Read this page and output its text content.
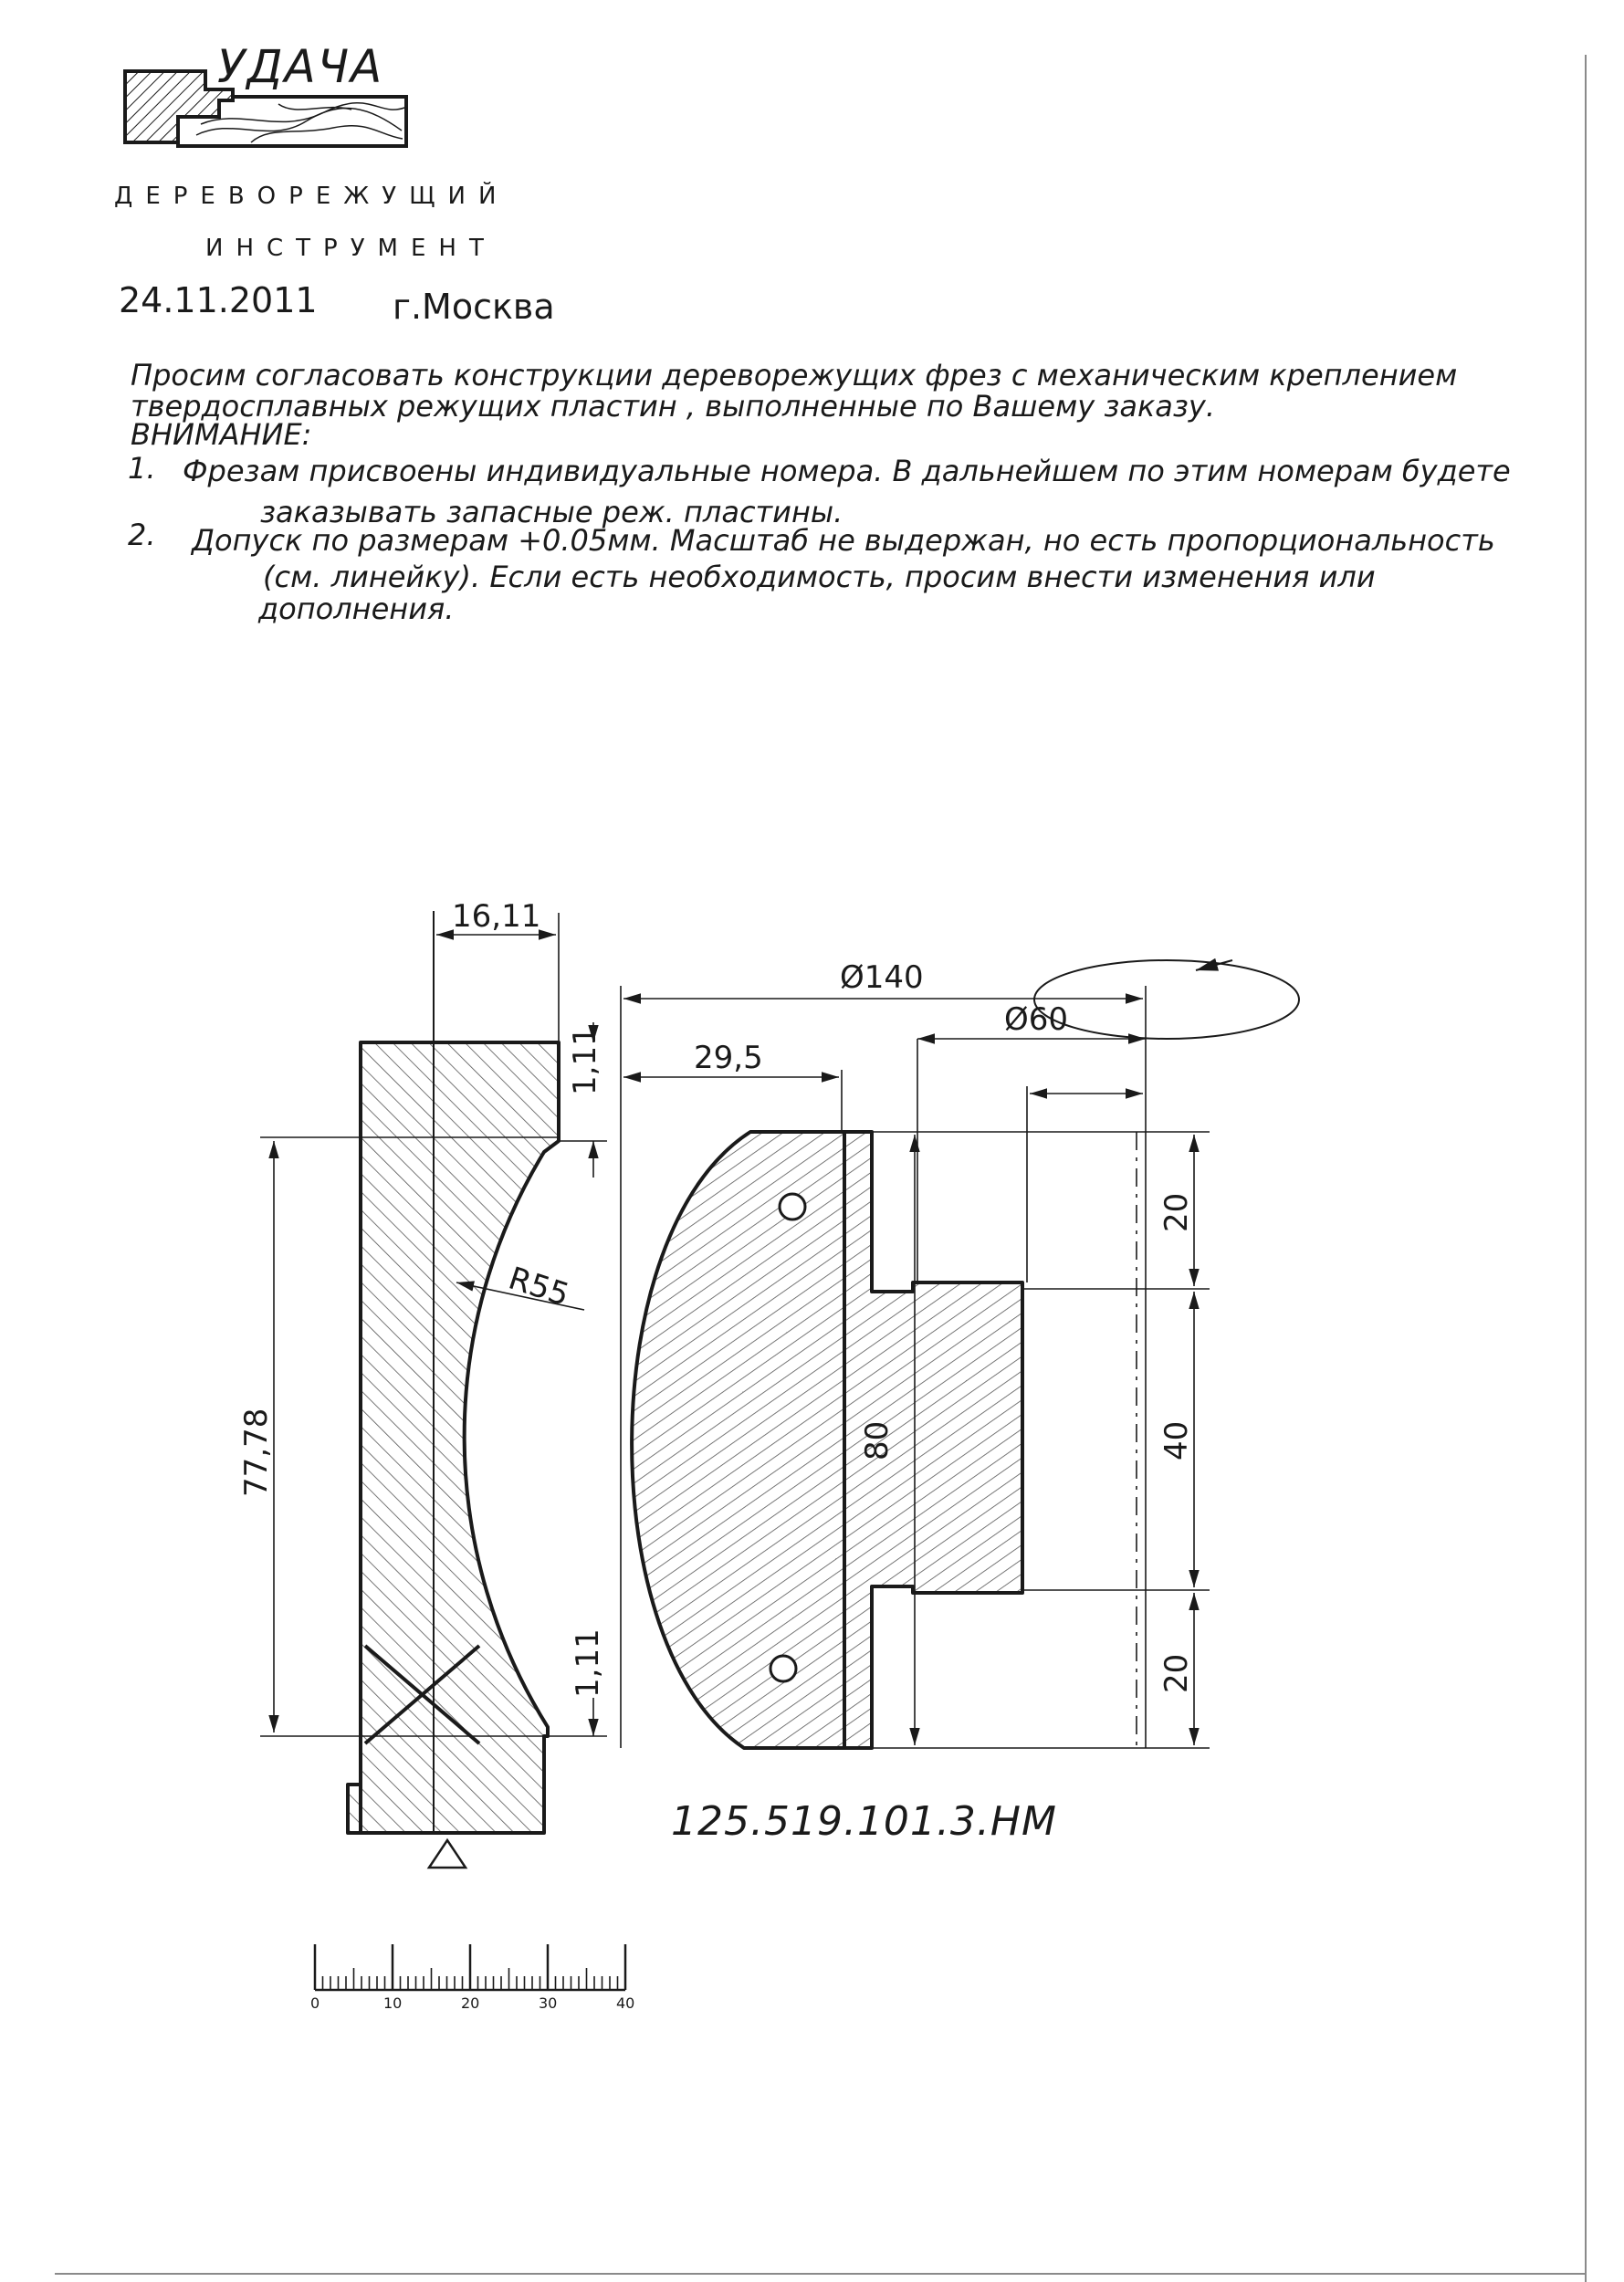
УДАЧА
ДЕРЕВОРЕЖУЩИЙ
ИНСТРУМЕНТ
24.11.2011 г.Москва
Просим согласовать конструкции дереворежущих фрез с механическим креплением
твердосплавных режущих пластин , выполненные по Вашему заказу.
ВНИМАНИЕ:
1. Фрезам присвоены индивидуальные номера. В дальнейшем по этим номерам будете
заказывать запасные реж. пластины.
2. Допуск по размерам +0.05мм. Масштаб не выдержан, но есть пропорциональность
(см. линейку). Если есть необходимость, просим внести изменения или
дополнения.
16,11
1,11
1,11
77,78
R55
Ø140
Ø60
29,5
20
40
20
80
0	10	20	30	40
125.519.101.3.HM
